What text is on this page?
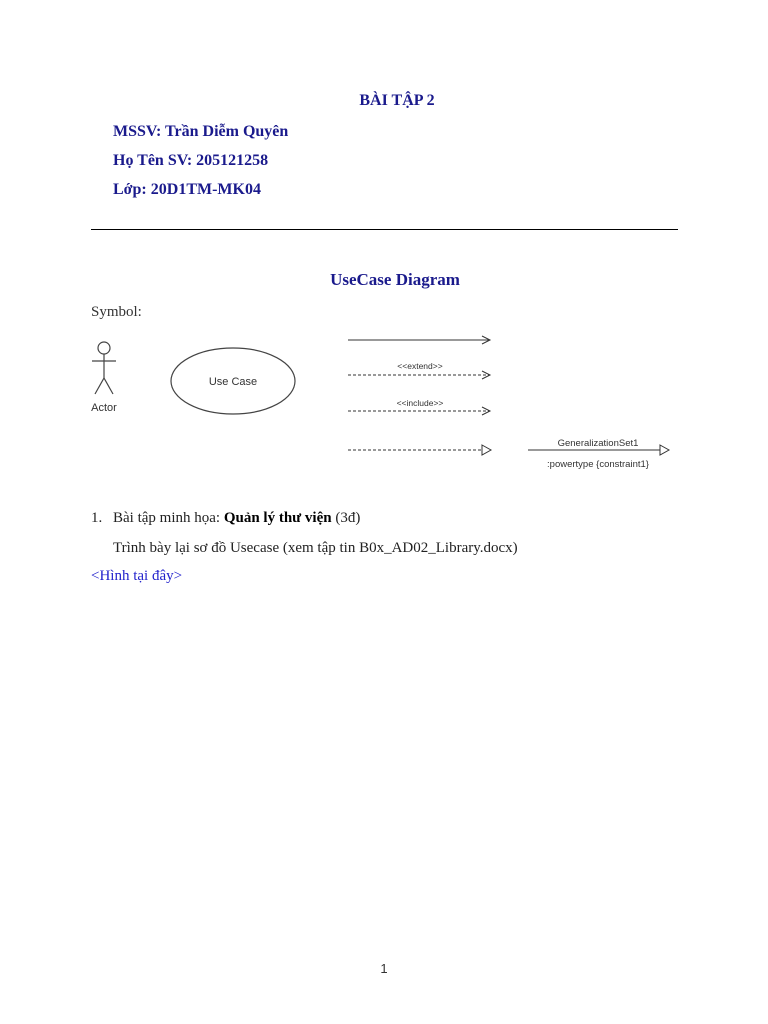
BÀI TẬP 2
MSSV: Trần Diễm Quyên
Họ Tên SV: 205121258
Lớp: 20D1TM-MK04
UseCase Diagram
Symbol:
Actor
Use Case
<<extend>>
<<include>>
GeneralizationSet1
:powertype {constraint1}
1. Bài tập minh họa: Quản lý thư viện (3đ)
Trình bày lại sơ đồ Usecase (xem tập tin B0x_AD02_Library.docx)
<Hình tại đây>
1
